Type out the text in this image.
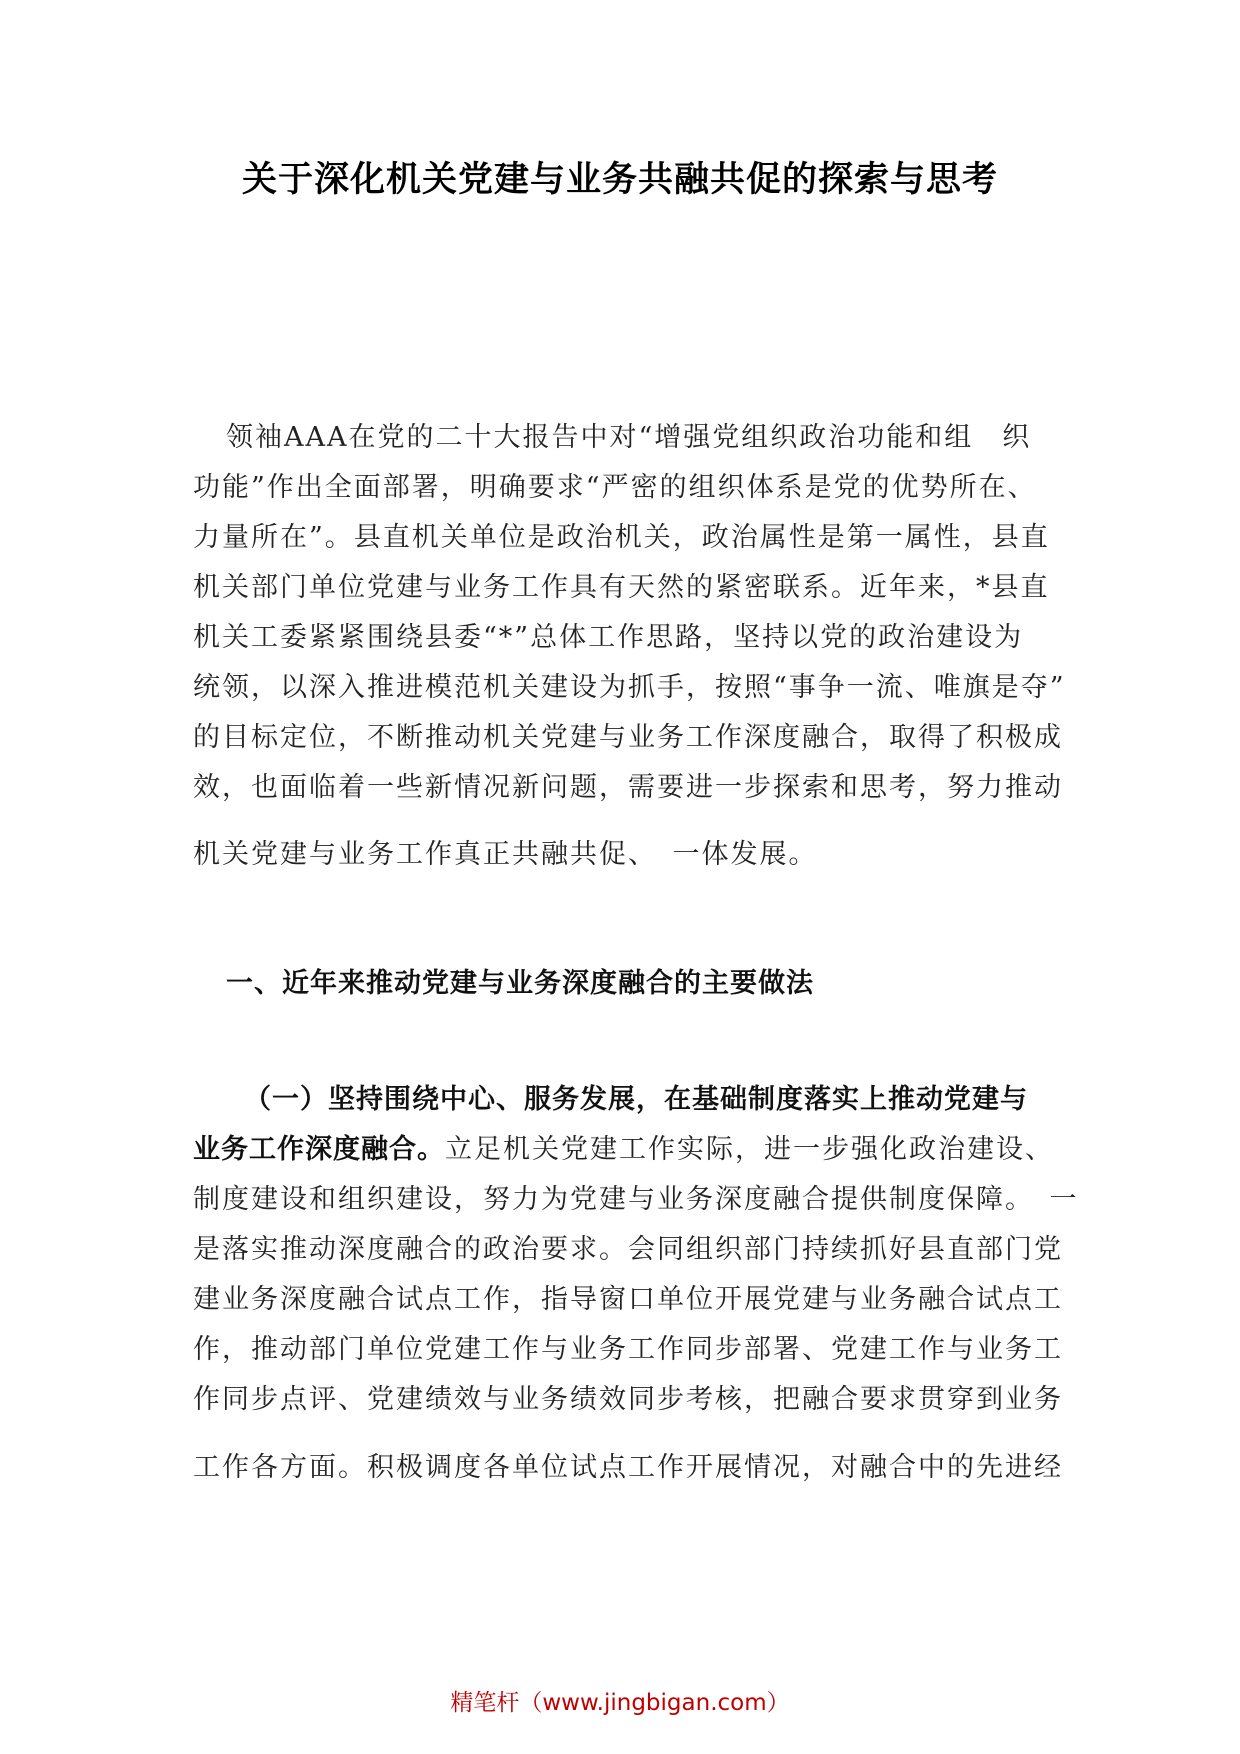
关于深化机关党建与业务共融共促的探索与思考
领袖AAA在党的二十大报告中对“增强党组织政治功能和组　织
功能”作出全面部署，明确要求“严密的组织体系是党的优势所在、
力量所在”。县直机关单位是政治机关，政治属性是第一属性，县直
机关部门单位党建与业务工作具有天然的紧密联系。近年来，*县直
机关工委紧紧围绕县委“*”总体工作思路，坚持以党的政治建设为
统领，以深入推进模范机关建设为抓手，按照“事争一流、唯旗是夺”
的目标定位，不断推动机关党建与业务工作深度融合，取得了积极成
效，也面临着一些新情况新问题，需要进一步探索和思考，努力推动
机关党建与业务工作真正共融共促、　一体发展。
一、近年来推动党建与业务深度融合的主要做法
（一）坚持围绕中心、服务发展，在基础制度落实上推动党建与
业务工作深度融合。立足机关党建工作实际，进一步强化政治建设、
制度建设和组织建设，努力为党建与业务深度融合提供制度保障。　一
是落实推动深度融合的政治要求。会同组织部门持续抓好县直部门党
建业务深度融合试点工作，指导窗口单位开展党建与业务融合试点工
作，推动部门单位党建工作与业务工作同步部署、党建工作与业务工
作同步点评、党建绩效与业务绩效同步考核，把融合要求贯穿到业务
工作各方面。积极调度各单位试点工作开展情况，对融合中的先进经
精笔杆（www.jingbigan.com）
